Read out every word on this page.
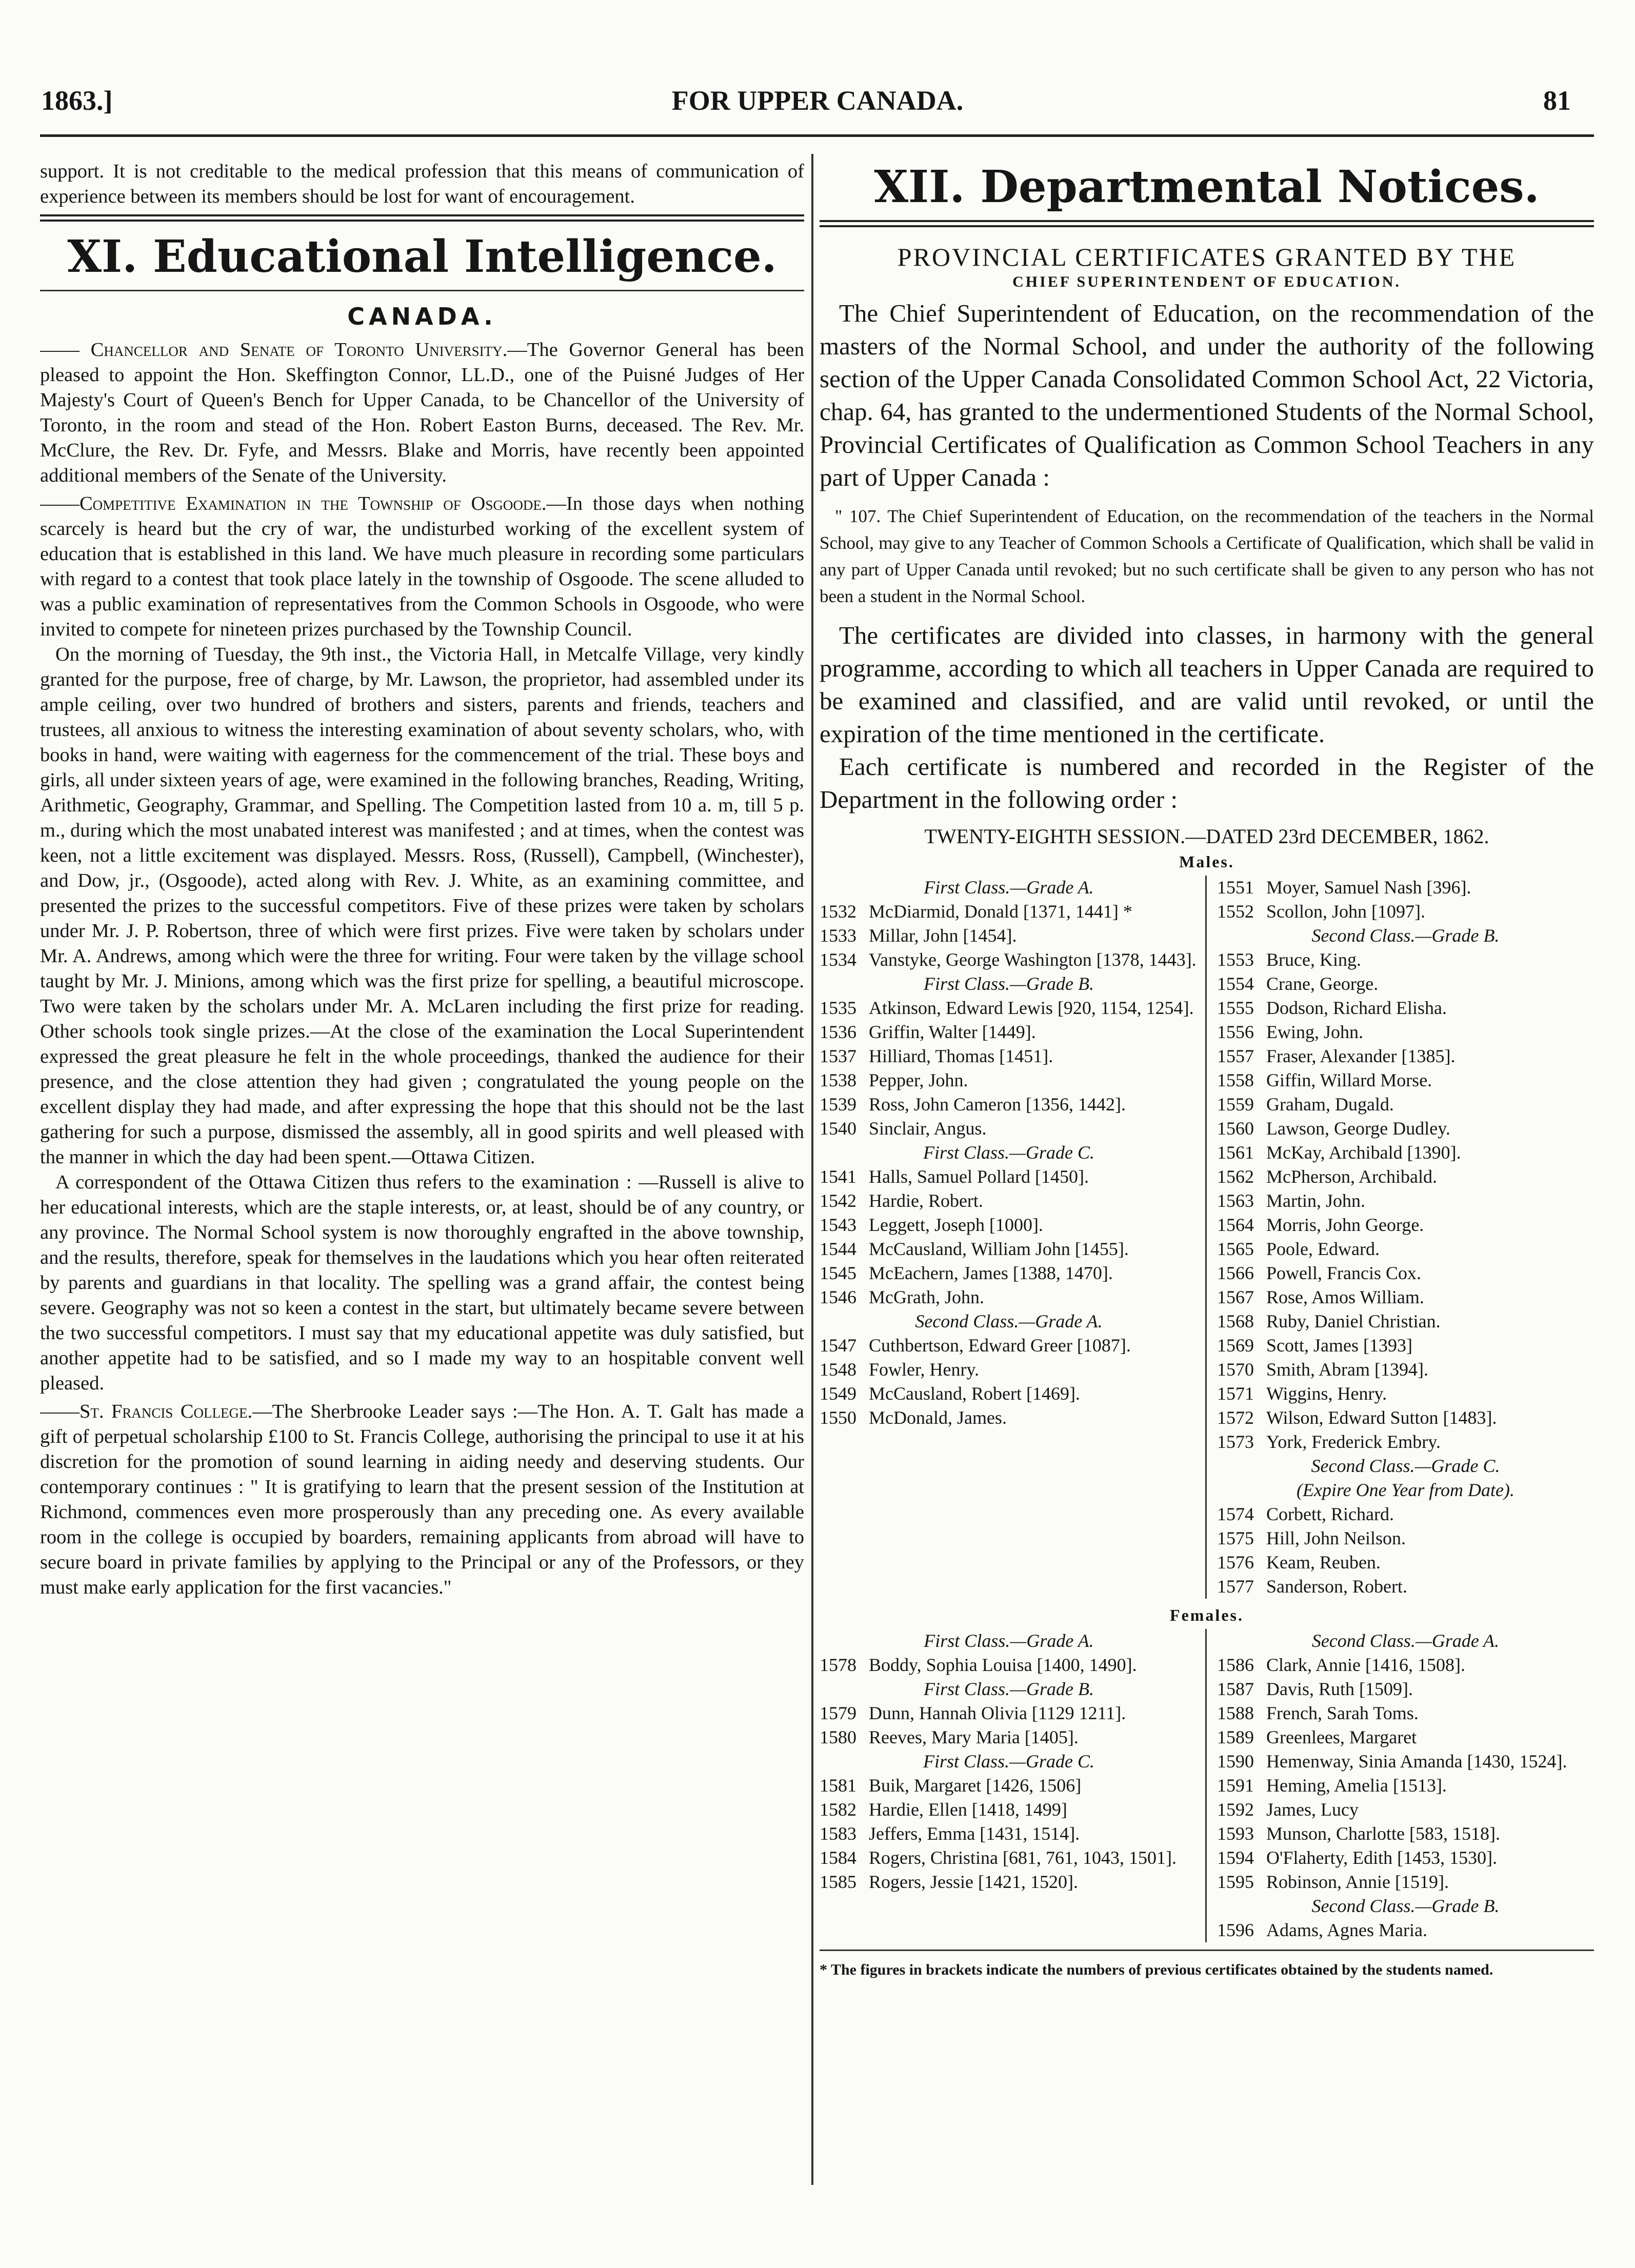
1863.]	FOR UPPER CANADA.	81

support. It is not creditable to the medical profession that this means of communication of experience between its members should be lost for want of encouragement.

XI. Educational Intelligence.
CANADA.

—— Chancellor and Senate of Toronto University.—The Governor General has been pleased to appoint the Hon. Skeffington Connor, LL.D., one of the Puisné Judges of Her Majesty's Court of Queen's Bench for Upper Canada, to be Chancellor of the University of Toronto, in the room and stead of the Hon. Robert Easton Burns, deceased. The Rev. Mr. McClure, the Rev. Dr. Fyfe, and Messrs. Blake and Morris, have recently been appointed additional members of the Senate of the University.

——Competitive Examination in the Township of Osgoode.—In those days when nothing scarcely is heard but the cry of war, the undisturbed working of the excellent system of education that is established in this land. We have much pleasure in recording some particulars with regard to a contest that took place lately in the township of Osgoode. The scene alluded to was a public examination of representatives from the Common Schools in Osgoode, who were invited to compete for nineteen prizes purchased by the Township Council.

On the morning of Tuesday, the 9th inst., the Victoria Hall, in Metcalfe Village, very kindly granted for the purpose, free of charge, by Mr. Lawson, the proprietor, had assembled under its ample ceiling, over two hundred of brothers and sisters, parents and friends, teachers and trustees, all anxious to witness the interesting examination of about seventy scholars, who, with books in hand, were waiting with eagerness for the commencement of the trial. These boys and girls, all under sixteen years of age, were examined in the following branches, Reading, Writing, Arithmetic, Geography, Grammar, and Spelling. The Competition lasted from 10 a. m, till 5 p. m., during which the most unabated interest was manifested ; and at times, when the contest was keen, not a little excitement was displayed. Messrs. Ross, (Russell), Campbell, (Winchester), and Dow, jr., (Osgoode), acted along with Rev. J. White, as an examining committee, and presented the prizes to the successful competitors. Five of these prizes were taken by scholars under Mr. J. P. Robertson, three of which were first prizes. Five were taken by scholars under Mr. A. Andrews, among which were the three for writing. Four were taken by the village school taught by Mr. J. Minions, among which was the first prize for spelling, a beautiful microscope. Two were taken by the scholars under Mr. A. McLaren including the first prize for reading. Other schools took single prizes.—At the close of the examination the Local Superintendent expressed the great pleasure he felt in the whole proceedings, thanked the audience for their presence, and the close attention they had given ; congratulated the young people on the excellent display they had made, and after expressing the hope that this should not be the last gathering for such a purpose, dismissed the assembly, all in good spirits and well pleased with the manner in which the day had been spent.—Ottawa Citizen.

A correspondent of the Ottawa Citizen thus refers to the examination : —Russell is alive to her educational interests, which are the staple interests, or, at least, should be of any country, or any province. The Normal School system is now thoroughly engrafted in the above township, and the results, therefore, speak for themselves in the laudations which you hear often reiterated by parents and guardians in that locality. The spelling was a grand affair, the contest being severe. Geography was not so keen a contest in the start, but ultimately became severe between the two successful competitors. I must say that my educational appetite was duly satisfied, but another appetite had to be satisfied, and so I made my way to an hospitable convent well pleased.

——St. Francis College.—The Sherbrooke Leader says :—The Hon. A. T. Galt has made a gift of perpetual scholarship £100 to St. Francis College, authorising the principal to use it at his discretion for the promotion of sound learning in aiding needy and deserving students. Our contemporary continues : " It is gratifying to learn that the present session of the Institution at Richmond, commences even more prosperously than any preceding one. As every available room in the college is occupied by boarders, remaining applicants from abroad will have to secure board in private families by applying to the Principal or any of the Professors, or they must make early application for the first vacancies."

XII. Departmental Notices.
PROVINCIAL CERTIFICATES GRANTED BY THE
CHIEF SUPERINTENDENT OF EDUCATION.

The Chief Superintendent of Education, on the recommendation of the masters of the Normal School, and under the authority of the following section of the Upper Canada Consolidated Common School Act, 22 Victoria, chap. 64, has granted to the undermentioned Students of the Normal School, Provincial Certificates of Qualification as Common School Teachers in any part of Upper Canada :

" 107. The Chief Superintendent of Education, on the recommendation of the teachers in the Normal School, may give to any Teacher of Common Schools a Certificate of Qualification, which shall be valid in any part of Upper Canada until revoked; but no such certificate shall be given to any person who has not been a student in the Normal School.

The certificates are divided into classes, in harmony with the general programme, according to which all teachers in Upper Canada are required to be examined and classified, and are valid until revoked, or until the expiration of the time mentioned in the certificate.

Each certificate is numbered and recorded in the Register of the Department in the following order :

TWENTY-EIGHTH SESSION.—DATED 23rd DECEMBER, 1862.
Males.
First Class.—Grade A.
1532 McDiarmid, Donald [1371, 1441] *
1533 Millar, John [1454].
1534 Vanstyke, George Washington [1378, 1443].
First Class.—Grade B.
1535 Atkinson, Edward Lewis [920, 1154, 1254].
1536 Griffin, Walter [1449].
1537 Hilliard, Thomas [1451].
1538 Pepper, John.
1539 Ross, John Cameron [1356, 1442].
1540 Sinclair, Angus.
First Class.—Grade C.
1541 Halls, Samuel Pollard [1450].
1542 Hardie, Robert.
1543 Leggett, Joseph [1000].
1544 McCausland, William John [1455].
1545 McEachern, James [1388, 1470].
1546 McGrath, John.
Second Class.—Grade A.
1547 Cuthbertson, Edward Greer [1087].
1548 Fowler, Henry.
1549 McCausland, Robert [1469].
1550 McDonald, James.
1551 Moyer, Samuel Nash [396].
1552 Scollon, John [1097].
Second Class.—Grade B.
1553 Bruce, King.
1554 Crane, George.
1555 Dodson, Richard Elisha.
1556 Ewing, John.
1557 Fraser, Alexander [1385].
1558 Giffin, Willard Morse.
1559 Graham, Dugald.
1560 Lawson, George Dudley.
1561 McKay, Archibald [1390].
1562 McPherson, Archibald.
1563 Martin, John.
1564 Morris, John George.
1565 Poole, Edward.
1566 Powell, Francis Cox.
1567 Rose, Amos William.
1568 Ruby, Daniel Christian.
1569 Scott, James [1393]
1570 Smith, Abram [1394].
1571 Wiggins, Henry.
1572 Wilson, Edward Sutton [1483].
1573 York, Frederick Embry.
Second Class.—Grade C.
(Expire One Year from Date).
1574 Corbett, Richard.
1575 Hill, John Neilson.
1576 Keam, Reuben.
1577 Sanderson, Robert.
Females.
First Class.—Grade A.
1578 Boddy, Sophia Louisa [1400, 1490].
First Class.—Grade B.
1579 Dunn, Hannah Olivia [1129 1211].
1580 Reeves, Mary Maria [1405].
First Class.—Grade C.
1581 Buik, Margaret [1426, 1506]
1582 Hardie, Ellen [1418, 1499]
1583 Jeffers, Emma [1431, 1514].
1584 Rogers, Christina [681, 761, 1043, 1501].
1585 Rogers, Jessie [1421, 1520].
Second Class.—Grade A.
1586 Clark, Annie [1416, 1508].
1587 Davis, Ruth [1509].
1588 French, Sarah Toms.
1589 Greenlees, Margaret
1590 Hemenway, Sinia Amanda [1430, 1524].
1591 Heming, Amelia [1513].
1592 James, Lucy
1593 Munson, Charlotte [583, 1518].
1594 O'Flaherty, Edith [1453, 1530].
1595 Robinson, Annie [1519].
Second Class.—Grade B.
1596 Adams, Agnes Maria.
* The figures in brackets indicate the numbers of previous certificates obtained by the students named.
